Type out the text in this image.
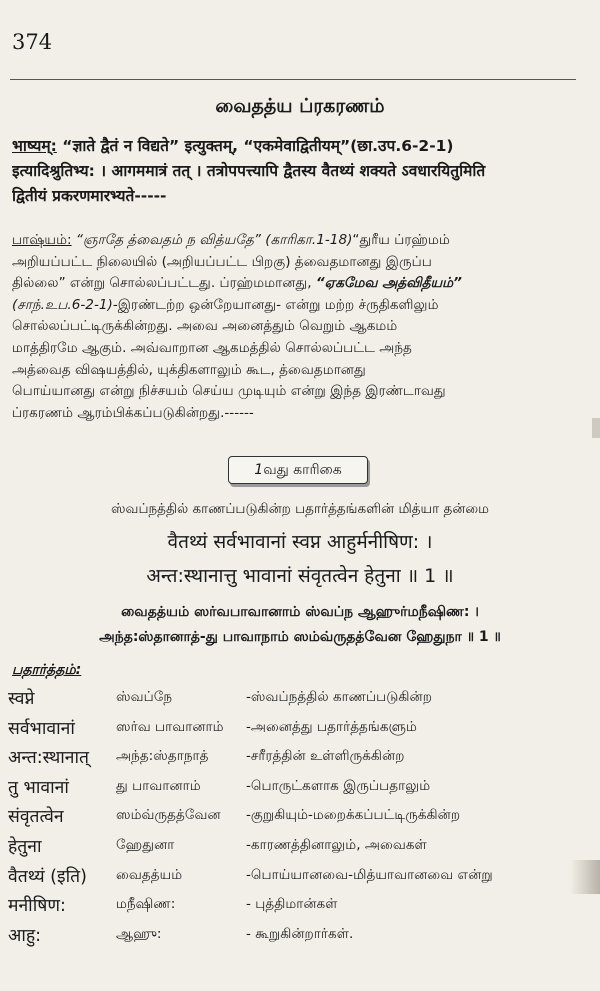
374
வைதத்ய ப்ரகரணம்
भाष्यम्: “ज्ञाते द्वैतं न विद्यते” इत्युक्तम्, “एकमेवाद्वितीयम्”(छा.उप.6-2-1)
इत्यादिश्रुतिभ्य: । आगममात्रं तत् । तत्रोपपत्त्यापि द्वैतस्य वैतथ्यं शक्यते ऽवधारयितुमिति
द्वितीयं प्रकरणमारभ्यते-----
பாஷ்யம்: “ஞாதே த்வைதம் ந வித்யதே” (காரிகா.1-18)“துரீய ப்ரஹ்மம்
அறியப்பட்ட நிலையில் (அறியப்பட்ட பிறகு) த்வைதமானது இருப்ப
தில்லை” என்று சொல்லப்பட்டது. ப்ரஹ்மமானது, “ஏகமேவ அத்விதீயம்”
(சாந்.உப.6-2-1)-இரண்டற்ற ஒன்றேயானது- என்று மற்ற ச்ருதிகளிலும்
சொல்லப்பட்டிருக்கின்றது. அவை அனைத்தும் வெறும் ஆகமம்
மாத்திரமே ஆகும். அவ்வாறான ஆகமத்தில் சொல்லப்பட்ட அந்த
அத்வைத விஷயத்தில், யுக்திகளாலும் கூட, த்வைதமானது
பொய்யானது என்று நிச்சயம் செய்ய முடியும் என்று இந்த இரண்டாவது
ப்ரகரணம் ஆரம்பிக்கப்படுகின்றது.------
1வது காரிகை
ஸ்வப்நத்தில் காணப்படுகின்ற பதார்த்தங்களின் மித்யா தன்மை
वैतथ्यं सर्वभावानां स्वप्न आहुर्मनीषिण: ।
अन्त:स्थानात्तु भावानां संवृतत्वेन हेतुना ॥ 1 ॥
வைதத்யம் ஸர்வபாவானாம் ஸ்வப்ந ஆஹுர்மநீஷிண: ।
அந்த:ஸ்தானாத்-து பாவாநாம் ஸம்வ்ருதத்வேன ஹேதுநா ॥ 1 ॥
பதார்த்தம்:
स्वप्ने	ஸ்வப்நே	-ஸ்வப்நத்தில் காணப்படுகின்ற
सर्वभावानां	ஸர்வ பாவானாம் -அனைத்து பதார்த்தங்களும்
अन्त:स्थानात् அந்த:ஸ்தாநாத்	-சரீரத்தின் உள்ளிருக்கின்ற
तु भावानां	து பாவானாம்	-பொருட்களாக இருப்பதாலும்
संवृतत्वेन	ஸம்வ்ருதத்வேன -குறுகியும்-மறைக்கப்பட்டிருக்கின்ற
हेतुना	ஹேதுனா	-காரணத்தினாலும், அவைகள்
वैतथ्यं (इति) வைதத்யம்	-பொய்யானவை-மித்யாவானவை என்று
मनीषिण:	மநீஷிண:	- புத்திமான்கள்
आहु:	ஆஹு:	- கூறுகின்றார்கள்.
